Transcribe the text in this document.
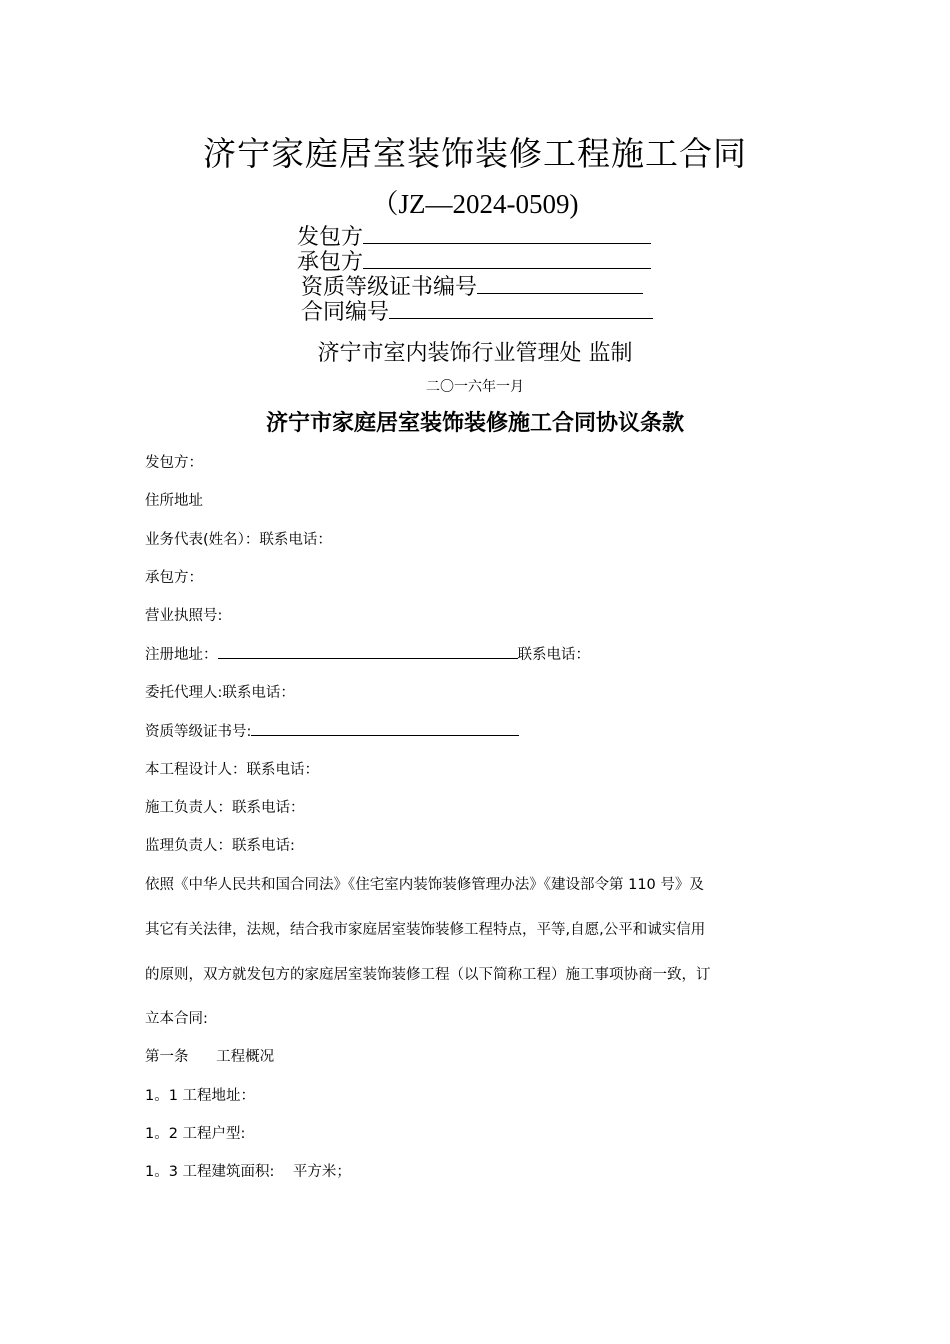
济宁家庭居室装饰装修工程施工合同
（JZ—2024-0509)
发包方
承包方
资质等级证书编号
合同编号
济宁市室内装饰行业管理处 监制
二〇一六年一月
济宁市家庭居室装饰装修施工合同协议条款
发包方：
住所地址
业务代表(姓名）：联系电话：
承包方：
营业执照号:
注册地址：	联系电话：
委托代理人:联系电话：
资质等级证书号:
本工程设计人：联系电话：
施工负责人：联系电话：
监理负责人：联系电话:
依照《中华人民共和国合同法》《住宅室内装饰装修管理办法》《建设部令第 110 号》及
其它有关法律，法规，结合我市家庭居室装饰装修工程特点，平等,自愿,公平和诚实信用
的原则，双方就发包方的家庭居室装饰装修工程（以下简称工程）施工事项协商一致，订
立本合同:
第一条      工程概况
1。1 工程地址：
1。2 工程户型:
1。3 工程建筑面积:    平方米；
